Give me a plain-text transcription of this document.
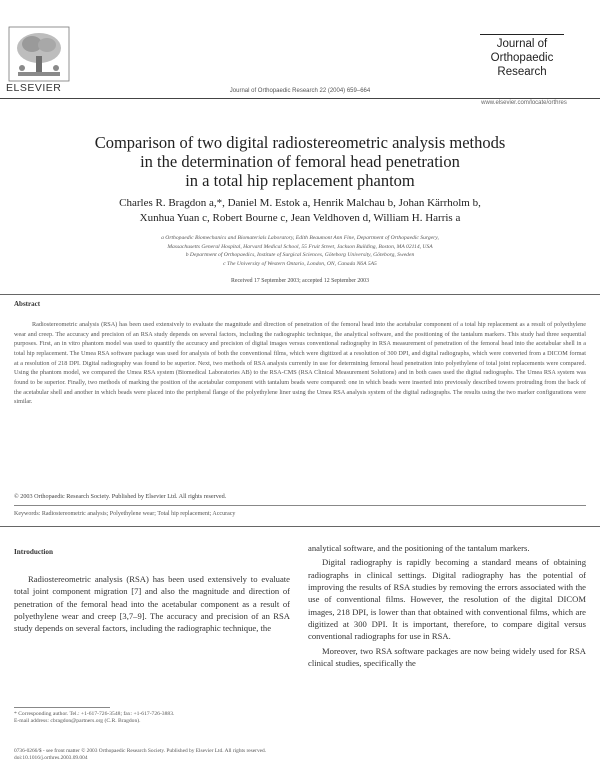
ELSEVIER	Journal of Orthopaedic Research 22 (2004) 659–664
Journal of
Orthopaedic
Research
www.elsevier.com/locate/orthres
Comparison of two digital radiostereometric analysis methods
in the determination of femoral head penetration
in a total hip replacement phantom
Charles R. Bragdon a,*, Daniel M. Estok a, Henrik Malchau b, Johan Kärrholm b,
Xunhua Yuan c, Robert Bourne c, Jean Veldhoven d, William H. Harris a
a Orthopaedic Biomechanics and Biomaterials Laboratory, Edith Beaumont Ann Fine, Department of Orthopaedic Surgery,
Massachusetts General Hospital, Harvard Medical School, 55 Fruit Street, Jackson Building, Boston, MA 02114, USA
b Department of Orthopaedics, Institute of Surgical Sciences, Göteborg University, Göteborg, Sweden
c The University of Western Ontario, London, ON, Canada N6A 5A5
Received 17 September 2003; accepted 12 September 2003
Abstract
Radiostereometric analysis (RSA) has been used extensively to evaluate the magnitude and direction of penetration of the femoral head into the acetabular component of a total hip replacement as a result of polyethylene wear and creep. The accuracy and precision of an RSA study depends on several factors, including the radiographic technique, the analytical software, and the positioning of the tantalum markers. This study had three sequential purposes. First, an in vitro phantom model was used to quantify the accuracy and precision of digital images versus conventional radiography in RSA measurement of penetration of the femoral head into the acetabular shell in a total hip replacement. The Umea RSA software package was used for analysis of both the conventional films, which were digitized at a resolution of 300 DPI, and digital radiographs, which were converted from a DICOM format at a resolution of 218 DPI. Digital radiography was found to be superior. Next, two methods of RSA analysis currently in use for determining femoral head penetration into polyethylene of total joint replacements were compared. Using the phantom model, we compared the Umea RSA system (Biomedical Laboratories AB) to the RSA-CMS (RSA Clinical Measurement Solutions) and in both cases used the digital radiographs. The Umea RSA system was found to be superior. Finally, two methods of marking the position of the acetabular component with tantalum beads were compared: one in which beads were inserted into previously described towers protruding from the back of the acetabular shell and another in which beads were placed into the peripheral flange of the polyethylene liner using the Umea RSA analysis system of the digital radiographs. The results using the two marker configurations were similar.
© 2003 Orthopaedic Research Society. Published by Elsevier Ltd. All rights reserved.
Keywords: Radiostereometric analysis; Polyethylene wear; Total hip replacement; Accuracy
Introduction

Radiostereometric analysis (RSA) has been used extensively to evaluate total joint component migration [7] and also the magnitude and direction of penetration of the femoral head into the acetabular component as a result of polyethylene wear and creep [3,7–9]. The accuracy and precision of an RSA study depends on several factors, including the radiographic technique, the

analytical software, and the positioning of the tantalum markers.

Digital radiography is rapidly becoming a standard means of obtaining radiographs in clinical settings. Digital radiography has the potential of improving the results of RSA studies by removing the errors associated with the use of conventional films. However, the resolution of the digital DICOM images, 218 DPI, is lower than that obtained with conventional films, which are digitized at 300 DPI. It is important, therefore, to compare digital versus conventional radiographs for use in RSA.

Moreover, two RSA software packages are now being widely used for RSA clinical studies, specifically the

* Corresponding author. Tel.: +1-617-726-3548; fax: +1-617-726-3883.
E-mail address: cbragdon@partners.org (C.R. Bragdon).
0736-0266/$ - see front matter © 2003 Orthopaedic Research Society. Published by Elsevier Ltd. All rights reserved.
doi:10.1016/j.orthres.2003.09.004
